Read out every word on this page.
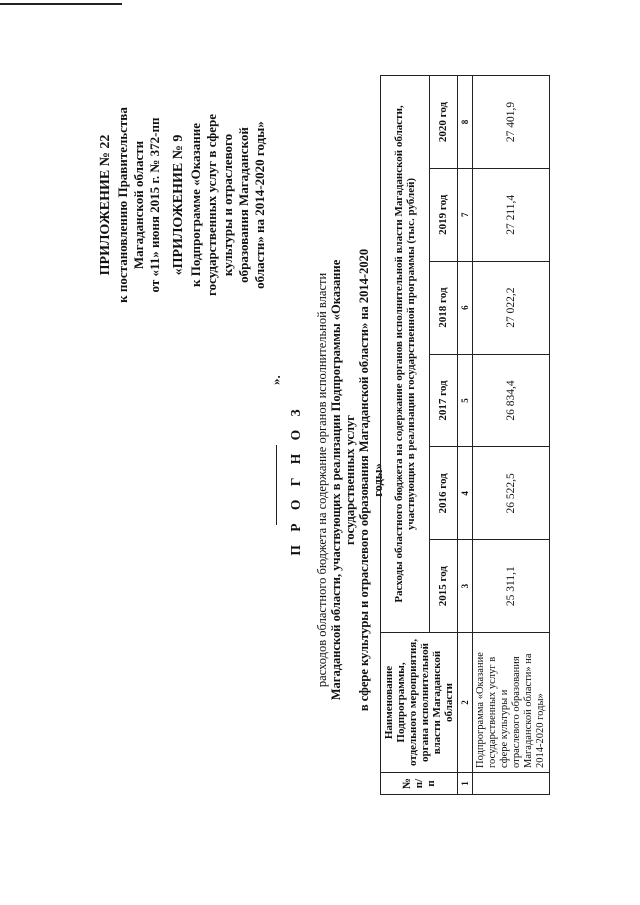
ПРИЛОЖЕНИЕ № 22 к постановлению Правительства Магаданской области от «11» июня 2015 г. № 372-пп «ПРИЛОЖЕНИЕ № 9 к Подпрограмме «Оказание государственных услуг в сфере культуры и отраслевого образования Магаданской области» на 2014-2020 годы»
П Р О Г Н О З расходов областного бюджета на содержание органов исполнительной власти Магаданской области, участвующих в реализации Подпрограммы «Оказание государственных услуг в сфере культуры и отраслевого образования Магаданской области» на 2014-2020 годы»
№ п/п	Наименование Подпрограммы, отдельного мероприятия, органа исполнительной власти Магаданской области	Расходы областного бюджета на содержание органов исполнительной власти Магаданской области, участвующих в реализации государственной программы (тыс. рублей)					
		2015 год	2016 год	2017 год	2018 год	2019 год	2020 год
1	2	3	4	5	6	7	8
	Подпрограмма «Оказание государственных услуг в сфере культуры и отраслевого образования Магаданской области» на 2014-2020 годы»	25 311,1	26 522,5	26 834,4	27 022,2	27 211,4	27 401,9
».
